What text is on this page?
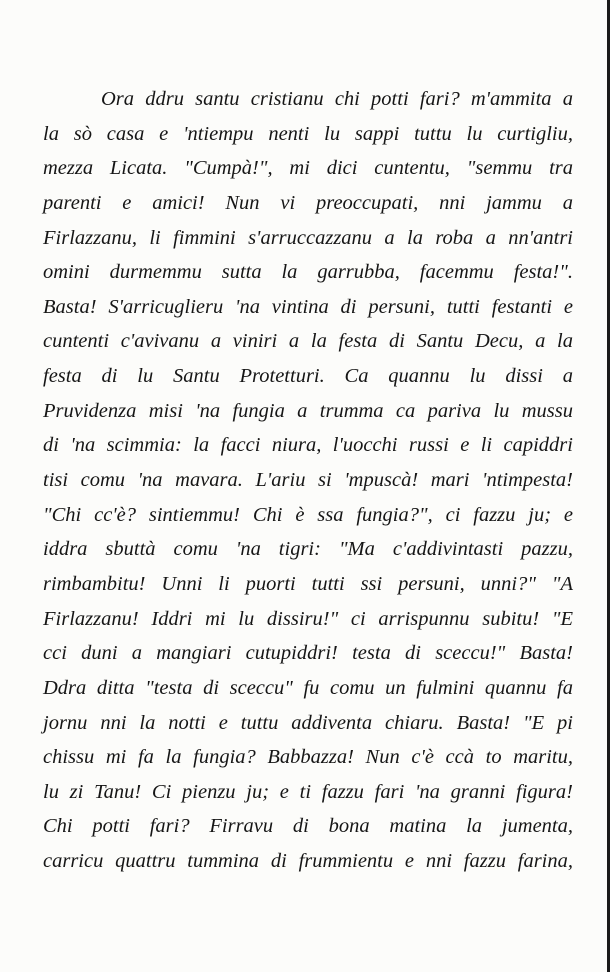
Ora ddru santu cristianu chi potti fari? m'ammita a
la sò casa e 'ntiempu nenti lu sappi tuttu lu curtigliu,
mezza Licata. "Cumpà!", mi dici cuntentu, "semmu tra
parenti e amici! Nun vi preoccupati, nni jammu a
Firlazzanu, li fimmini s'arruccazzanu a la roba a nn'antri
omini durmemmu sutta la garrubba, facemmu festa!".
Basta! S'arricuglieru 'na vintina di persuni, tutti festanti e
cuntenti c'avivanu a viniri a la festa di Santu Decu, a la
festa di lu Santu Protetturi. Ca quannu lu dissi a
Pruvidenza misi 'na fungia a trumma ca pariva lu mussu
di 'na scimmia: la facci niura, l'uocchi russi e li capiddri
tisi comu 'na mavara. L'ariu si 'mpuscà! mari 'ntimpesta!
"Chi cc'è? sintiemmu! Chi è ssa fungia?", ci fazzu ju; e
iddra sbuttà comu 'na tigri: "Ma c'addivintasti pazzu,
rimbambitu! Unni li puorti tutti ssi persuni, unni?" "A
Firlazzanu! Iddri mi lu dissiru!" ci arrispunnu subitu! "E
cci duni a mangiari cutupiddri! testa di sceccu!" Basta!
Ddra ditta "testa di sceccu" fu comu un fulmini quannu fa
jornu nni la notti e tuttu addiventa chiaru. Basta! "E pi
chissu mi fa la fungia? Babbazza! Nun c'è ccà to maritu,
lu zi Tanu! Ci pienzu ju; e ti fazzu fari 'na granni figura!
Chi potti fari? Firravu di bona matina la jumenta,
carricu quattru tummina di frummientu e nni fazzu farina,
